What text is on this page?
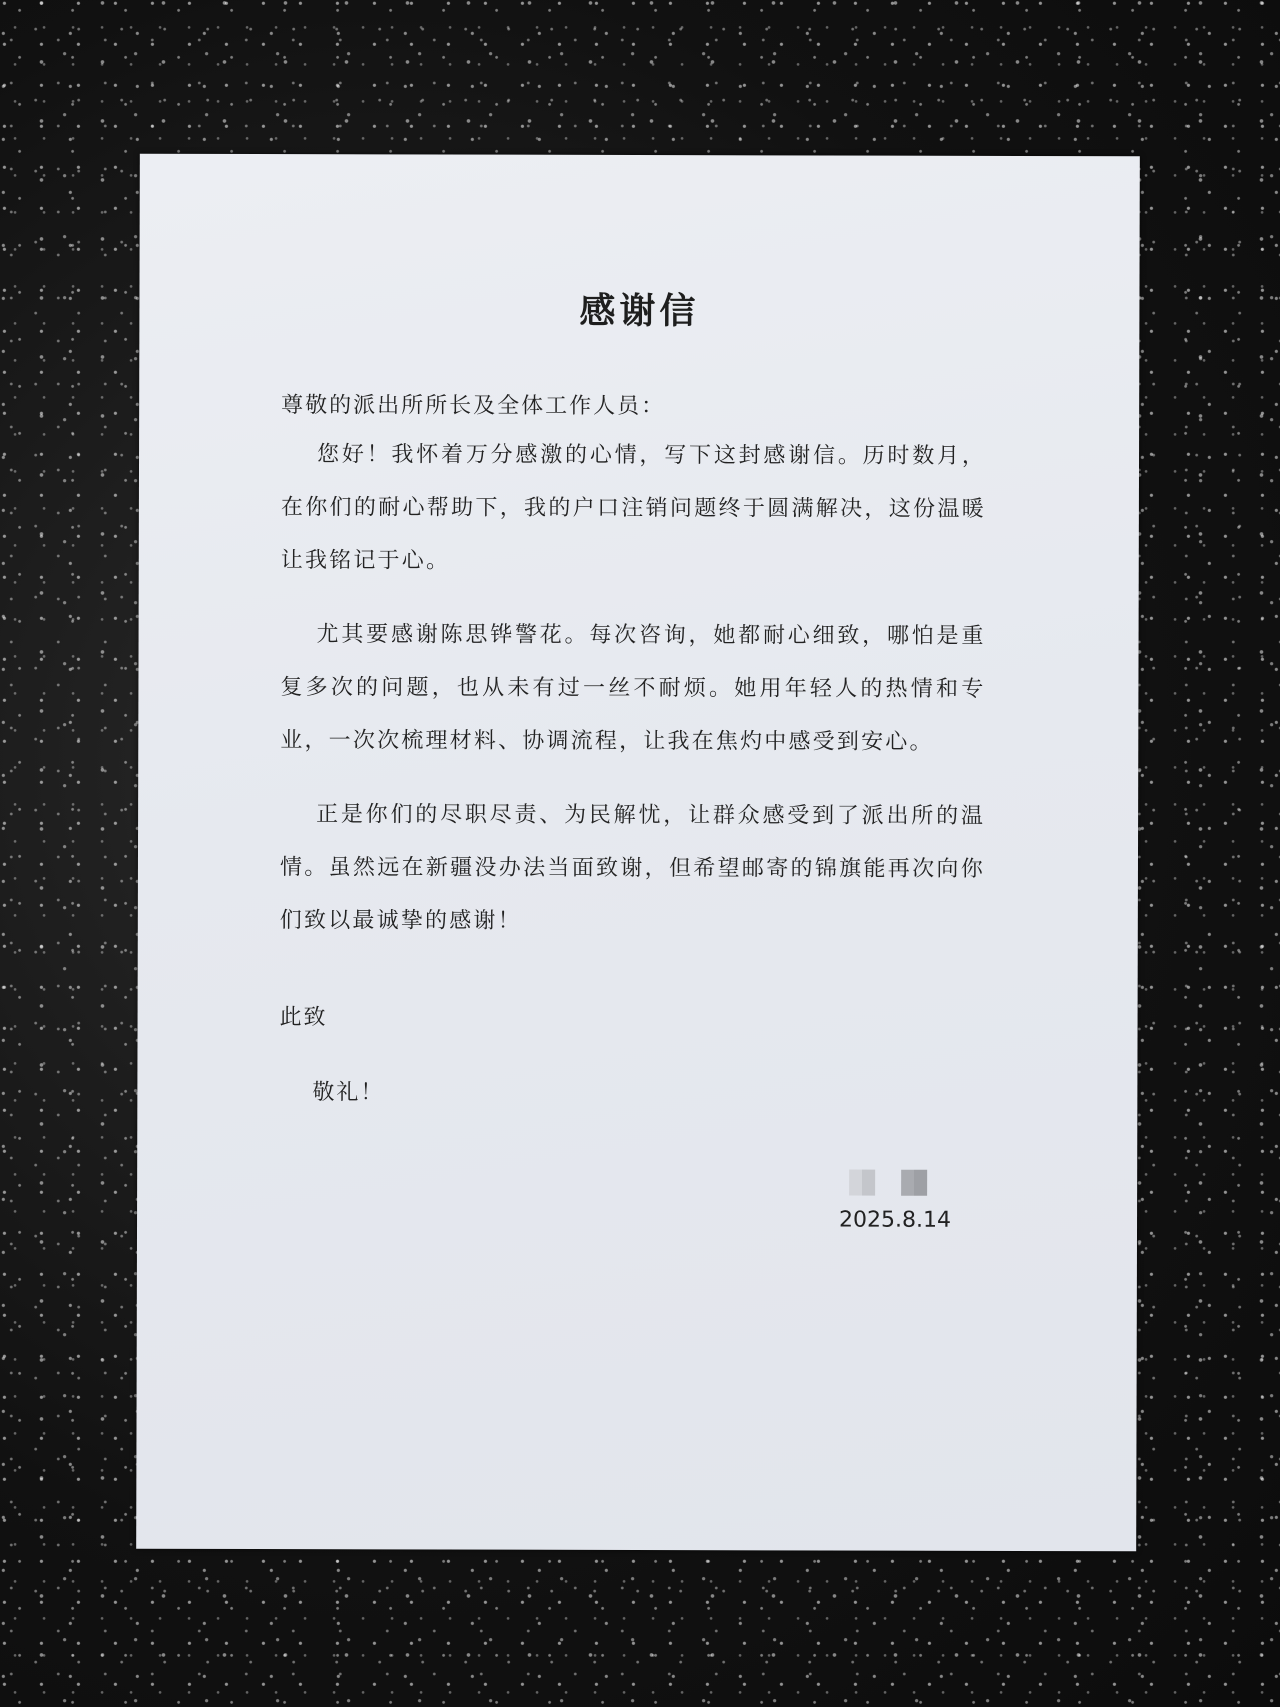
感谢信
尊敬的派出所所长及全体工作人员：

您好！我怀着万分感激的心情，写下这封感谢信。历时数月，在你们的耐心帮助下，我的户口注销问题终于圆满解决，这份温暖让我铭记于心。

尤其要感谢陈思铧警花。每次咨询，她都耐心细致，哪怕是重复多次的问题，也从未有过一丝不耐烦。她用年轻人的热情和专业，一次次梳理材料、协调流程，让我在焦灼中感受到安心。

正是你们的尽职尽责、为民解忧，让群众感受到了派出所的温情。虽然远在新疆没办法当面致谢，但希望邮寄的锦旗能再次向你们致以最诚挚的感谢！

此致
敬礼！
2025.8.14
